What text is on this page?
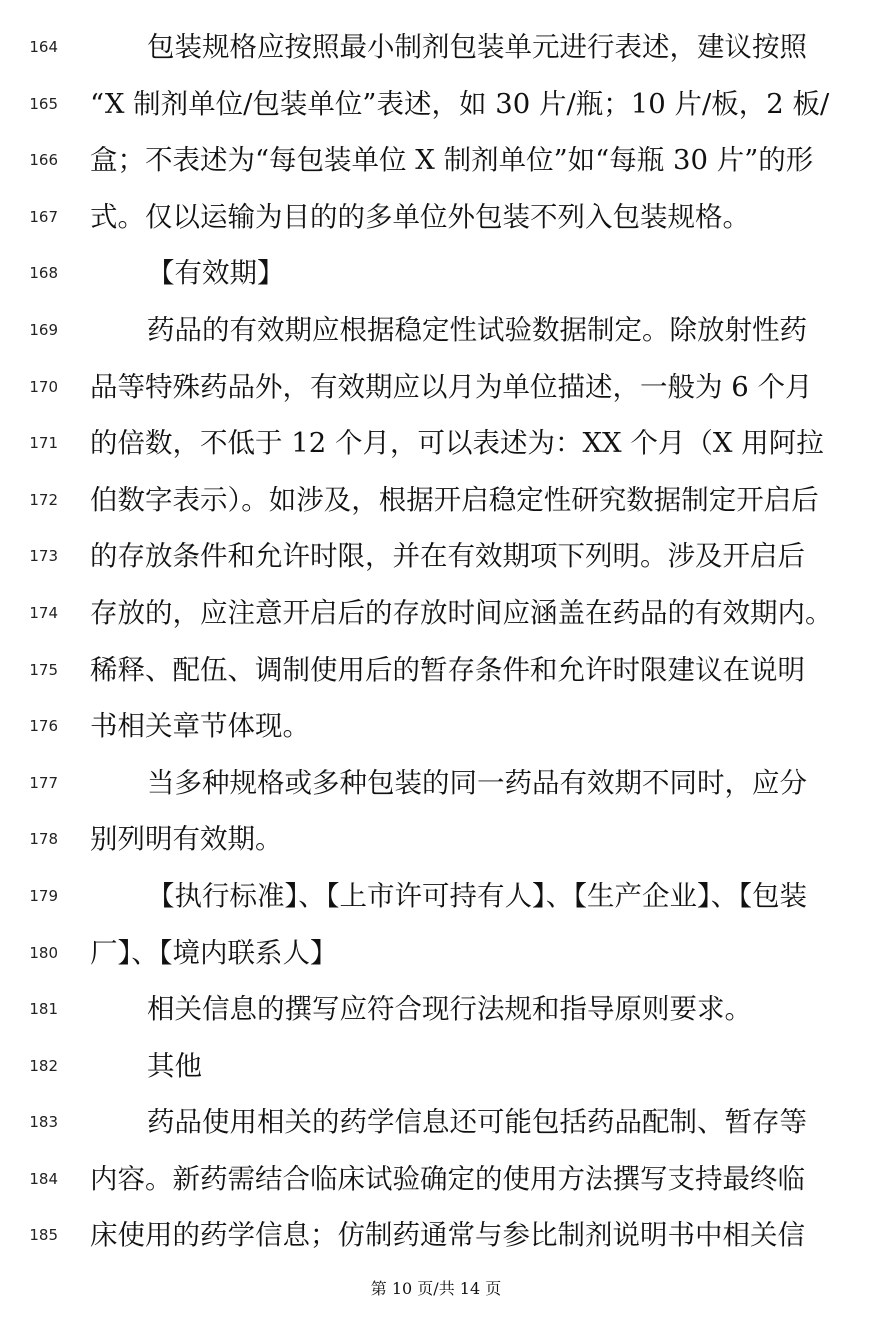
164	包装规格应按照最小制剂包装单元进行表述，建议按照
165 “X 制剂单位/包装单位”表述，如 30 片/瓶；10 片/板，2 板/
166 盒；不表述为“每包装单位 X 制剂单位”如“每瓶 30 片”的形
167 式。仅以运输为目的的多单位外包装不列入包装规格。
168	【有效期】
169	药品的有效期应根据稳定性试验数据制定。除放射性药
170 品等特殊药品外，有效期应以月为单位描述，一般为 6 个月
171 的倍数，不低于 12 个月，可以表述为：XX 个月（X 用阿拉
172 伯数字表示）。如涉及，根据开启稳定性研究数据制定开启后
173 的存放条件和允许时限，并在有效期项下列明。涉及开启后
174 存放的，应注意开启后的存放时间应涵盖在药品的有效期内。
175 稀释、配伍、调制使用后的暂存条件和允许时限建议在说明
176 书相关章节体现。
177	当多种规格或多种包装的同一药品有效期不同时，应分
178 别列明有效期。
179	【执行标准】、【上市许可持有人】、【生产企业】、【包装
180 厂】、【境内联系人】
181	相关信息的撰写应符合现行法规和指导原则要求。
182	其他
183	药品使用相关的药学信息还可能包括药品配制、暂存等
184 内容。新药需结合临床试验确定的使用方法撰写支持最终临
185 床使用的药学信息；仿制药通常与参比制剂说明书中相关信
第 10 页/共 14 页
